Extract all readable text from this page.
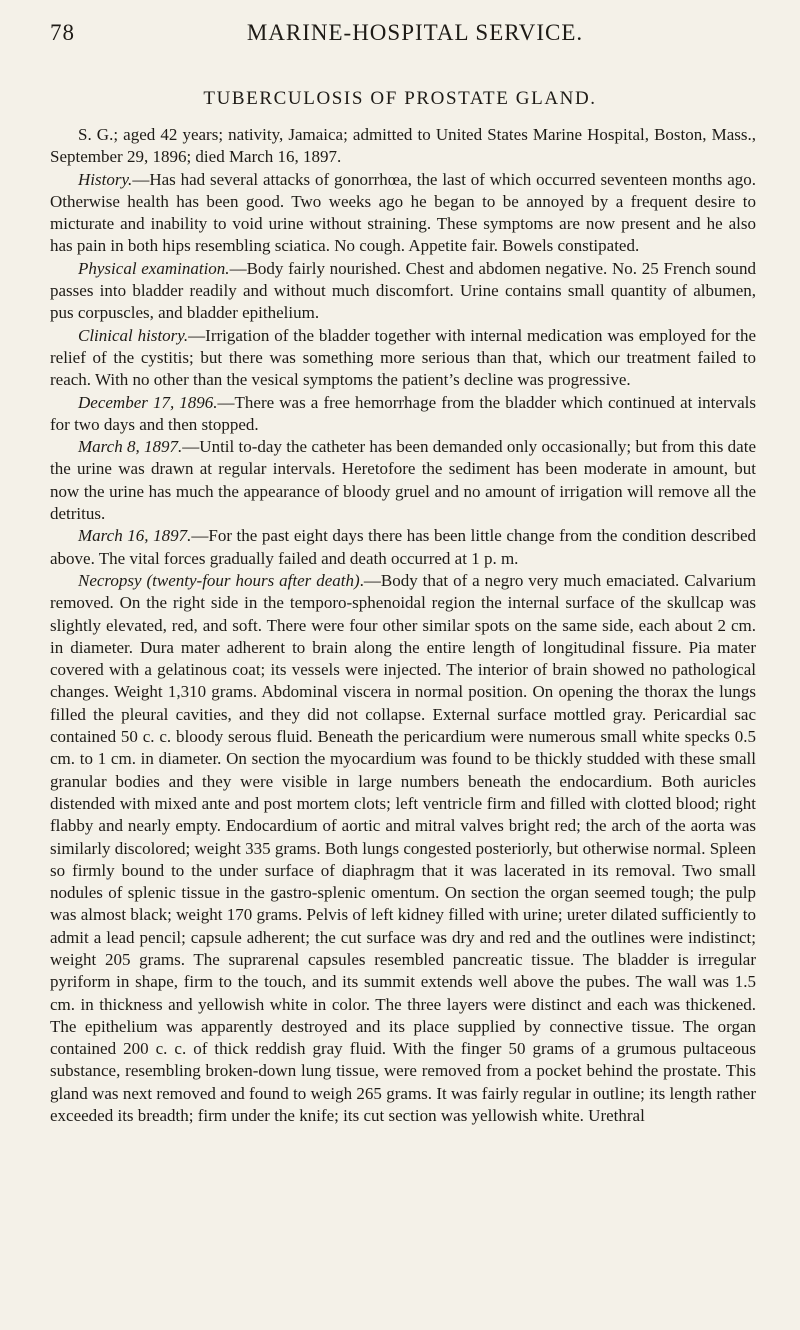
78	MARINE-HOSPITAL SERVICE.
TUBERCULOSIS OF PROSTATE GLAND.

S. G.; aged 42 years; nativity, Jamaica; admitted to United States Marine Hospital, Boston, Mass., September 29, 1896; died March 16, 1897.

History.—Has had several attacks of gonorrhœa, the last of which occurred seventeen months ago. Otherwise health has been good. Two weeks ago he began to be annoyed by a frequent desire to micturate and inability to void urine without straining. These symptoms are now present and he also has pain in both hips resembling sciatica. No cough. Appetite fair. Bowels constipated.

Physical examination.—Body fairly nourished. Chest and abdomen negative. No. 25 French sound passes into bladder readily and without much discomfort. Urine contains small quantity of albumen, pus corpuscles, and bladder epithelium.

Clinical history.—Irrigation of the bladder together with internal medication was employed for the relief of the cystitis; but there was something more serious than that, which our treatment failed to reach. With no other than the vesical symptoms the patient’s decline was progressive.

December 17, 1896.—There was a free hemorrhage from the bladder which continued at intervals for two days and then stopped.

March 8, 1897.—Until to-day the catheter has been demanded only occasionally; but from this date the urine was drawn at regular intervals. Heretofore the sediment has been moderate in amount, but now the urine has much the appearance of bloody gruel and no amount of irrigation will remove all the detritus.

March 16, 1897.—For the past eight days there has been little change from the condition described above. The vital forces gradually failed and death occurred at 1 p. m.

Necropsy (twenty-four hours after death).—Body that of a negro very much emaciated. Calvarium removed. On the right side in the temporo-sphenoidal region the internal surface of the skullcap was slightly elevated, red, and soft. There were four other similar spots on the same side, each about 2 cm. in diameter. Dura mater adherent to brain along the entire length of longitudinal fissure. Pia mater covered with a gelatinous coat; its vessels were injected. The interior of brain showed no pathological changes. Weight 1,310 grams. Abdominal viscera in normal position. On opening the thorax the lungs filled the pleural cavities, and they did not collapse. External surface mottled gray. Pericardial sac contained 50 c. c. bloody serous fluid. Beneath the pericardium were numerous small white specks 0.5 cm. to 1 cm. in diameter. On section the myocardium was found to be thickly studded with these small granular bodies and they were visible in large numbers beneath the endocardium. Both auricles distended with mixed ante and post mortem clots; left ventricle firm and filled with clotted blood; right flabby and nearly empty. Endocardium of aortic and mitral valves bright red; the arch of the aorta was similarly discolored; weight 335 grams. Both lungs congested posteriorly, but otherwise normal. Spleen so firmly bound to the under surface of diaphragm that it was lacerated in its removal. Two small nodules of splenic tissue in the gastro-splenic omentum. On section the organ seemed tough; the pulp was almost black; weight 170 grams. Pelvis of left kidney filled with urine; ureter dilated sufficiently to admit a lead pencil; capsule adherent; the cut surface was dry and red and the outlines were indistinct; weight 205 grams. The suprarenal capsules resembled pancreatic tissue. The bladder is irregular pyriform in shape, firm to the touch, and its summit extends well above the pubes. The wall was 1.5 cm. in thickness and yellowish white in color. The three layers were distinct and each was thickened. The epithelium was apparently destroyed and its place supplied by connective tissue. The organ contained 200 c. c. of thick reddish gray fluid. With the finger 50 grams of a grumous pultaceous substance, resembling broken-down lung tissue, were removed from a pocket behind the prostate. This gland was next removed and found to weigh 265 grams. It was fairly regular in outline; its length rather exceeded its breadth; firm under the knife; its cut section was yellowish white. Urethral
